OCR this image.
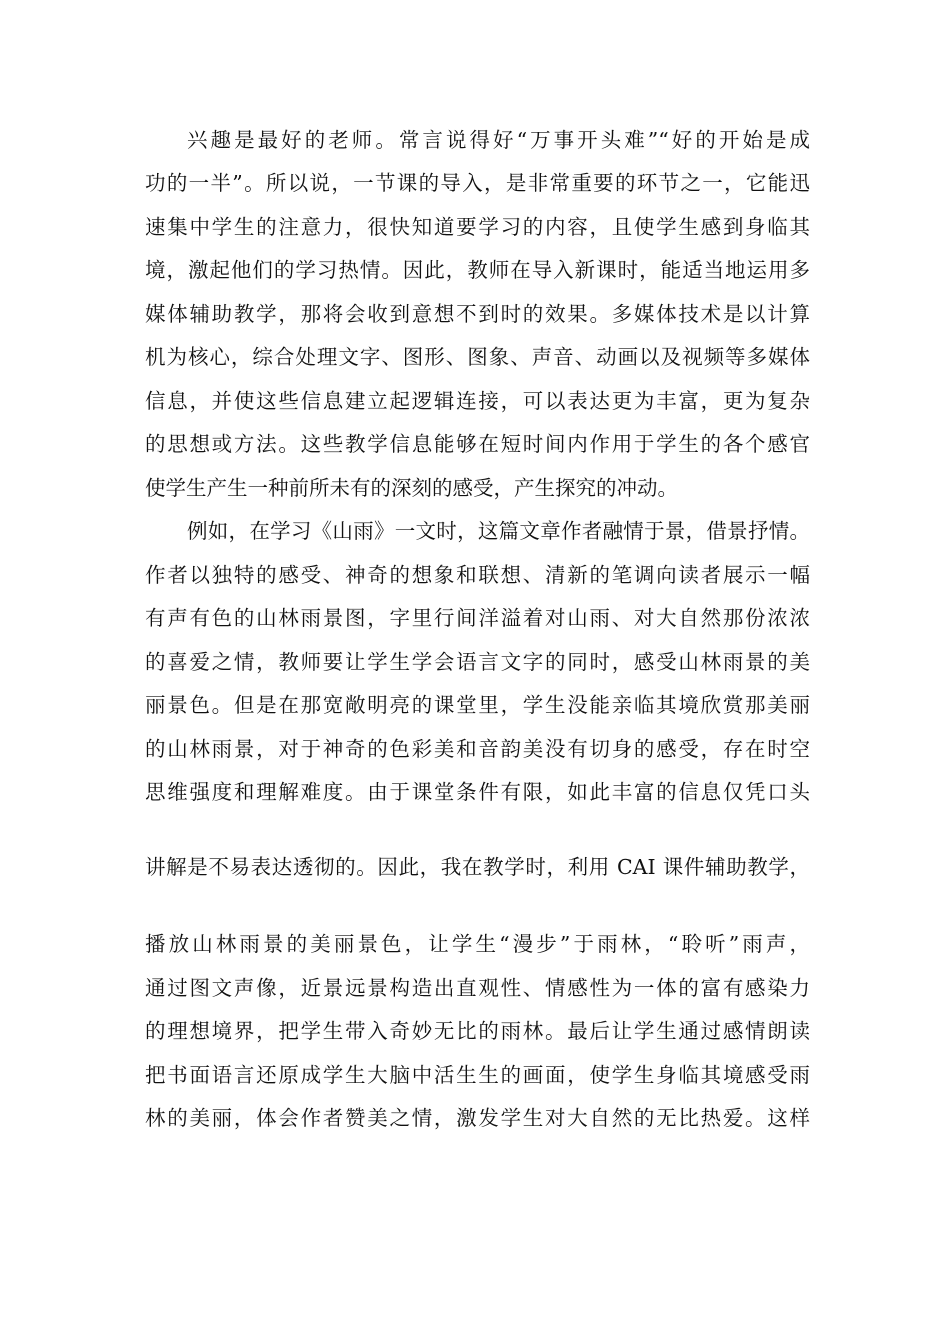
兴趣是最好的老师。常言说得好“万事开头难”“好的开始是成
功的一半”。所以说，一节课的导入，是非常重要的环节之一，它能迅
速集中学生的注意力，很快知道要学习的内容，且使学生感到身临其
境，激起他们的学习热情。因此，教师在导入新课时，能适当地运用多
媒体辅助教学，那将会收到意想不到时的效果。多媒体技术是以计算
机为核心，综合处理文字、图形、图象、声音、动画以及视频等多媒体
信息，并使这些信息建立起逻辑连接，可以表达更为丰富，更为复杂
的思想或方法。这些教学信息能够在短时间内作用于学生的各个感官
使学生产生一种前所未有的深刻的感受，产生探究的冲动。
例如，在学习《山雨》一文时，这篇文章作者融情于景，借景抒情。
作者以独特的感受、神奇的想象和联想、清新的笔调向读者展示一幅
有声有色的山林雨景图，字里行间洋溢着对山雨、对大自然那份浓浓
的喜爱之情，教师要让学生学会语言文字的同时，感受山林雨景的美
丽景色。但是在那宽敞明亮的课堂里，学生没能亲临其境欣赏那美丽
的山林雨景，对于神奇的色彩美和音韵美没有切身的感受，存在时空
思维强度和理解难度。由于课堂条件有限，如此丰富的信息仅凭口头
讲解是不易表达透彻的。因此，我在教学时，利用 CAI 课件辅助教学，
播放山林雨景的美丽景色，让学生“漫步”于雨林，“聆听”雨声，
通过图文声像，近景远景构造出直观性、情感性为一体的富有感染力
的理想境界，把学生带入奇妙无比的雨林。最后让学生通过感情朗读
把书面语言还原成学生大脑中活生生的画面，使学生身临其境感受雨
林的美丽，体会作者赞美之情，激发学生对大自然的无比热爱。这样
